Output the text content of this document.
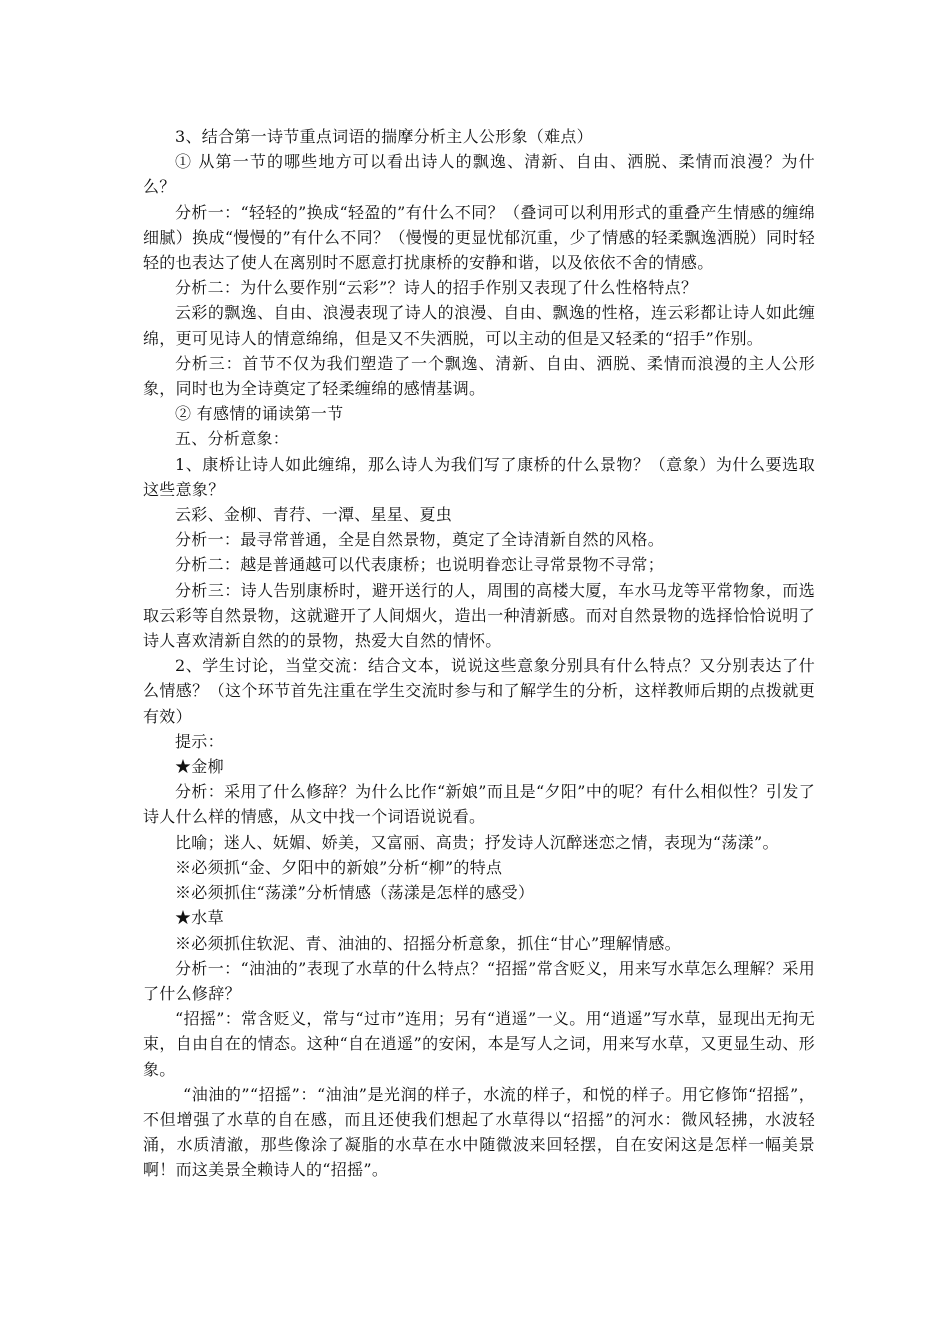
3、结合第一诗节重点词语的揣摩分析主人公形象（难点）

① 从第一节的哪些地方可以看出诗人的飘逸、清新、自由、洒脱、柔情而浪漫？为什么？

分析一：“轻轻的”换成“轻盈的”有什么不同？（叠词可以利用形式的重叠产生情感的缠绵细腻）换成“慢慢的”有什么不同？（慢慢的更显忧郁沉重，少了情感的轻柔飘逸洒脱）同时轻轻的也表达了使人在离别时不愿意打扰康桥的安静和谐，以及依依不舍的情感。

分析二：为什么要作别“云彩”？诗人的招手作别又表现了什么性格特点？

云彩的飘逸、自由、浪漫表现了诗人的浪漫、自由、飘逸的性格，连云彩都让诗人如此缠绵，更可见诗人的情意绵绵，但是又不失洒脱，可以主动的但是又轻柔的“招手”作别。

分析三：首节不仅为我们塑造了一个飘逸、清新、自由、洒脱、柔情而浪漫的主人公形象，同时也为全诗奠定了轻柔缠绵的感情基调。

② 有感情的诵读第一节

五、分析意象：

1、康桥让诗人如此缠绵，那么诗人为我们写了康桥的什么景物？（意象）为什么要选取这些意象？

云彩、金柳、青荇、一潭、星星、夏虫

分析一：最寻常普通，全是自然景物，奠定了全诗清新自然的风格。

分析二：越是普通越可以代表康桥；也说明眷恋让寻常景物不寻常；

分析三：诗人告别康桥时，避开送行的人，周围的高楼大厦，车水马龙等平常物象，而选取云彩等自然景物，这就避开了人间烟火，造出一种清新感。而对自然景物的选择恰恰说明了诗人喜欢清新自然的的景物，热爱大自然的情怀。

2、学生讨论，当堂交流：结合文本，说说这些意象分别具有什么特点？又分别表达了什么情感？（这个环节首先注重在学生交流时参与和了解学生的分析，这样教师后期的点拨就更有效）

提示：

★金柳

分析：采用了什么修辞？为什么比作“新娘”而且是“夕阳”中的呢？有什么相似性？引发了诗人什么样的情感，从文中找一个词语说说看。

比喻；迷人、妩媚、娇美，又富丽、高贵；抒发诗人沉醉迷恋之情，表现为“荡漾”。

※必须抓“金、夕阳中的新娘”分析“柳”的特点

※必须抓住“荡漾”分析情感（荡漾是怎样的感受）

★水草

※必须抓住软泥、青、油油的、招摇分析意象，抓住“甘心”理解情感。

分析一：“油油的”表现了水草的什么特点？“招摇”常含贬义，用来写水草怎么理解？采用了什么修辞？

“招摇”：常含贬义，常与“过市”连用；另有“逍遥”一义。用“逍遥”写水草，显现出无拘无束，自由自在的情态。这种“自在逍遥”的安闲，本是写人之词，用来写水草，又更显生动、形象。

“油油的”“招摇”：“油油”是光润的样子，水流的样子，和悦的样子。用它修饰“招摇”，不但增强了水草的自在感，而且还使我们想起了水草得以“招摇”的河水：微风轻拂，水波轻涌，水质清澈，那些像涂了凝脂的水草在水中随微波来回轻摆，自在安闲这是怎样一幅美景啊！而这美景全赖诗人的“招摇”。
